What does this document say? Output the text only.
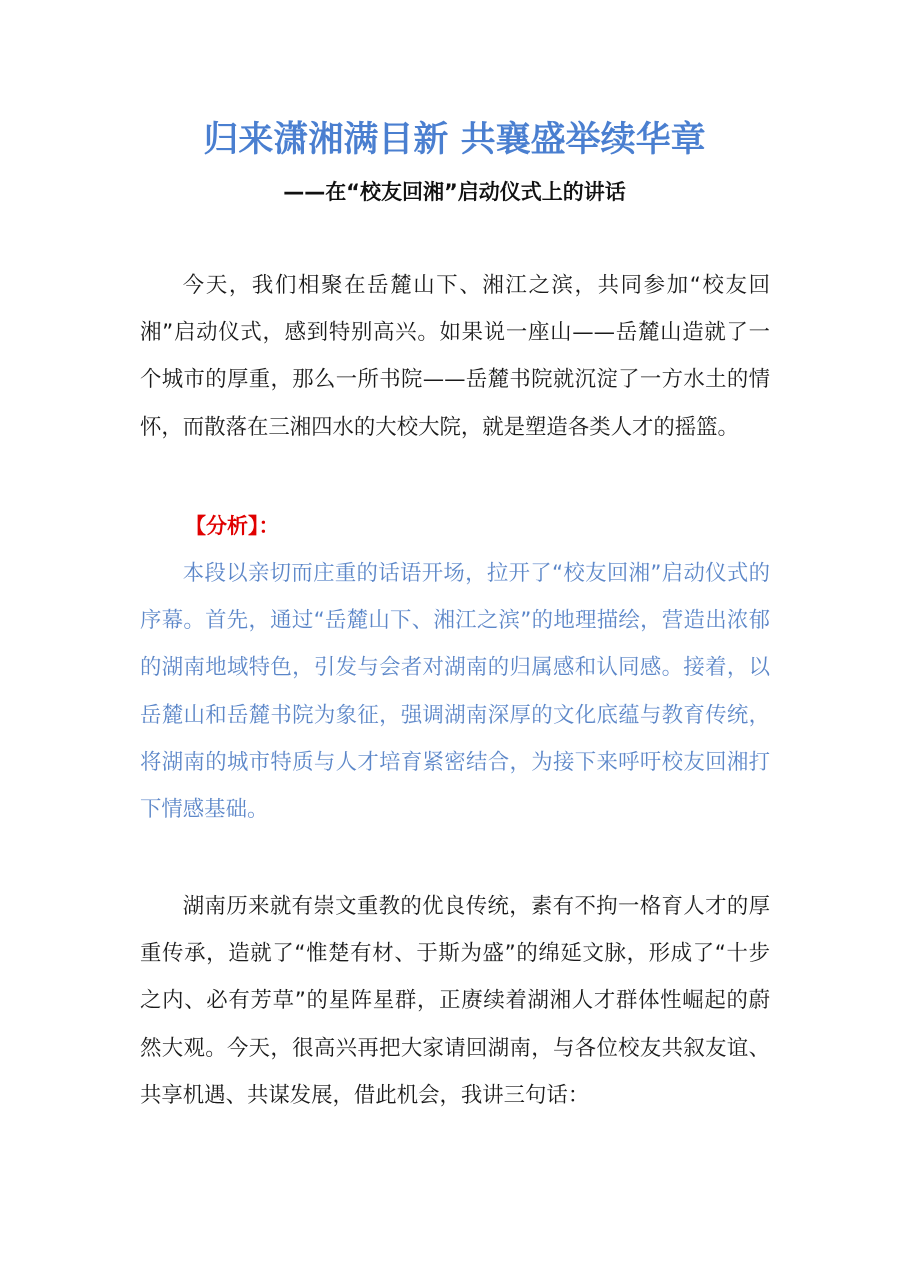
归来潇湘满目新 共襄盛举续华章
——在“校友回湘”启动仪式上的讲话

今天，我们相聚在岳麓山下、湘江之滨，共同参加“校友回湘”启动仪式，感到特别高兴。如果说一座山——岳麓山造就了一个城市的厚重，那么一所书院——岳麓书院就沉淀了一方水土的情怀，而散落在三湘四水的大校大院，就是塑造各类人才的摇篮。

【分析】：

本段以亲切而庄重的话语开场，拉开了“校友回湘”启动仪式的序幕。首先，通过“岳麓山下、湘江之滨”的地理描绘，营造出浓郁的湖南地域特色，引发与会者对湖南的归属感和认同感。接着，以岳麓山和岳麓书院为象征，强调湖南深厚的文化底蕴与教育传统，将湖南的城市特质与人才培育紧密结合，为接下来呼吁校友回湘打下情感基础。

湖南历来就有崇文重教的优良传统，素有不拘一格育人才的厚重传承，造就了“惟楚有材、于斯为盛”的绵延文脉，形成了“十步之内、必有芳草”的星阵星群，正赓续着湖湘人才群体性崛起的蔚然大观。今天，很高兴再把大家请回湖南，与各位校友共叙友谊、共享机遇、共谋发展，借此机会，我讲三句话：
